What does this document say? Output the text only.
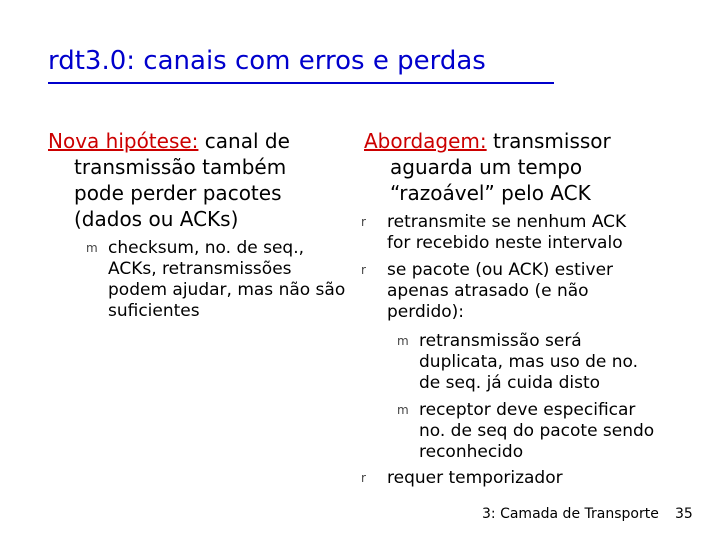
rdt3.0: canais com erros e perdas
Nova hipótese: canal de
transmissão também
pode perder pacotes
(dados ou ACKs)
m checksum, no. de seq.,
ACKs, retransmissões
podem ajudar, mas não são
suficientes
Abordagem: transmissor
aguarda um tempo
“razoável” pelo ACK
r	retransmite se nenhum ACK
for recebido neste intervalo
r	se pacote (ou ACK) estiver
apenas atrasado (e não
perdido):
m retransmissão será
duplicata, mas uso de no.
de seq. já cuida disto
m receptor deve especificar
no. de seq do pacote sendo
reconhecido
r	requer temporizador
3: Camada de Transporte 35
